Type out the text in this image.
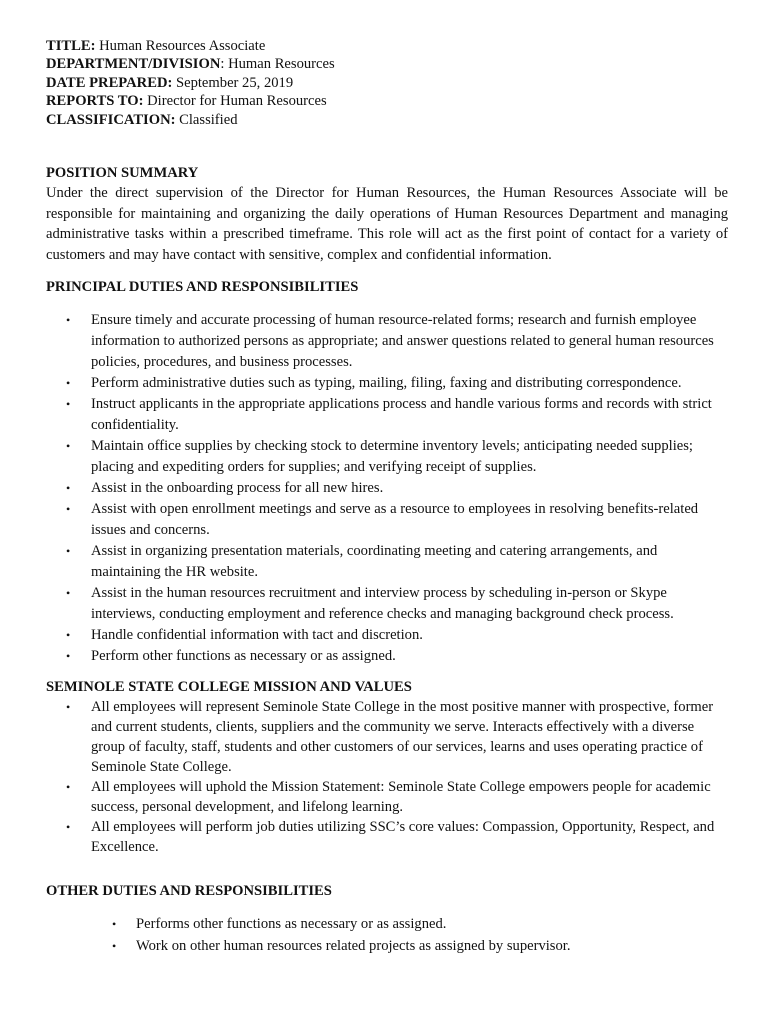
TITLE: Human Resources Associate
DEPARTMENT/DIVISION: Human Resources
DATE PREPARED: September 25, 2019
REPORTS TO: Director for Human Resources
CLASSIFICATION: Classified
POSITION SUMMARY

Under the direct supervision of the Director for Human Resources, the Human Resources Associate will be responsible for maintaining and organizing the daily operations of Human Resources Department and managing administrative tasks within a prescribed timeframe. This role will act as the first point of contact for a variety of customers and may have contact with sensitive, complex and confidential information.

PRINCIPAL DUTIES AND RESPONSIBILITIES
• Ensure timely and accurate processing of human resource-related forms; research and furnish employee information to authorized persons as appropriate; and answer questions related to general human resources policies, procedures, and business processes.
• Perform administrative duties such as typing, mailing, filing, faxing and distributing correspondence.
• Instruct applicants in the appropriate applications process and handle various forms and records with strict confidentiality.
• Maintain office supplies by checking stock to determine inventory levels; anticipating needed supplies; placing and expediting orders for supplies; and verifying receipt of supplies.
• Assist in the onboarding process for all new hires.
• Assist with open enrollment meetings and serve as a resource to employees in resolving benefits-related issues and concerns.
• Assist in organizing presentation materials, coordinating meeting and catering arrangements, and maintaining the HR website.
• Assist in the human resources recruitment and interview process by scheduling in-person or Skype interviews, conducting employment and reference checks and managing background check process.
• Handle confidential information with tact and discretion.
• Perform other functions as necessary or as assigned.
SEMINOLE STATE COLLEGE MISSION AND VALUES
• All employees will represent Seminole State College in the most positive manner with prospective, former and current students, clients, suppliers and the community we serve. Interacts effectively with a diverse group of faculty, staff, students and other customers of our services, learns and uses operating practice of Seminole State College.
• All employees will uphold the Mission Statement: Seminole State College empowers people for academic success, personal development, and lifelong learning.
• All employees will perform job duties utilizing SSC’s core values: Compassion, Opportunity, Respect, and Excellence.
OTHER DUTIES AND RESPONSIBILITIES
• Performs other functions as necessary or as assigned.
• Work on other human resources related projects as assigned by supervisor.
